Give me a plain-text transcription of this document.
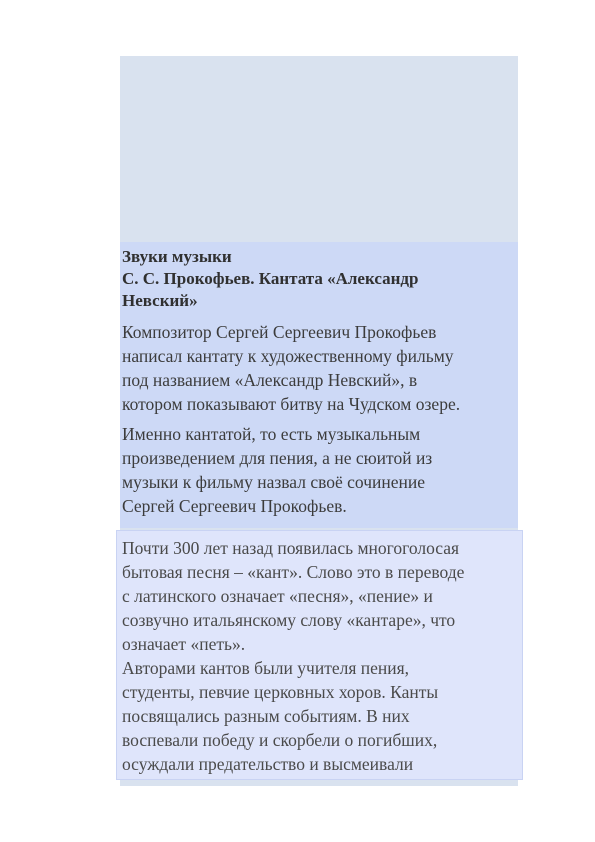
Звуки музыки

С. С. Прокофьев. Кантата «Александр

Невский»

Композитор Сергей Сергеевич Прокофьев
написал кантату к художественному фильму
под названием «Александр Невский», в
котором показывают битву на Чудском озере.

Именно кантатой, то есть музыкальным
произведением для пения, а не сюитой из
музыки к фильму назвал своё сочинение
Сергей Сергеевич Прокофьев.

Почти 300 лет назад появилась многоголосая
бытовая песня – «кант». Слово это в переводе
с латинского означает «песня», «пение» и
созвучно итальянскому слову «кантаре», что
означает «петь».

Авторами кантов были учителя пения,
студенты, певчие церковных хоров. Канты
посвящались разным событиям. В них
воспевали победу и скорбели о погибших,
осуждали предательство и высмеивали
